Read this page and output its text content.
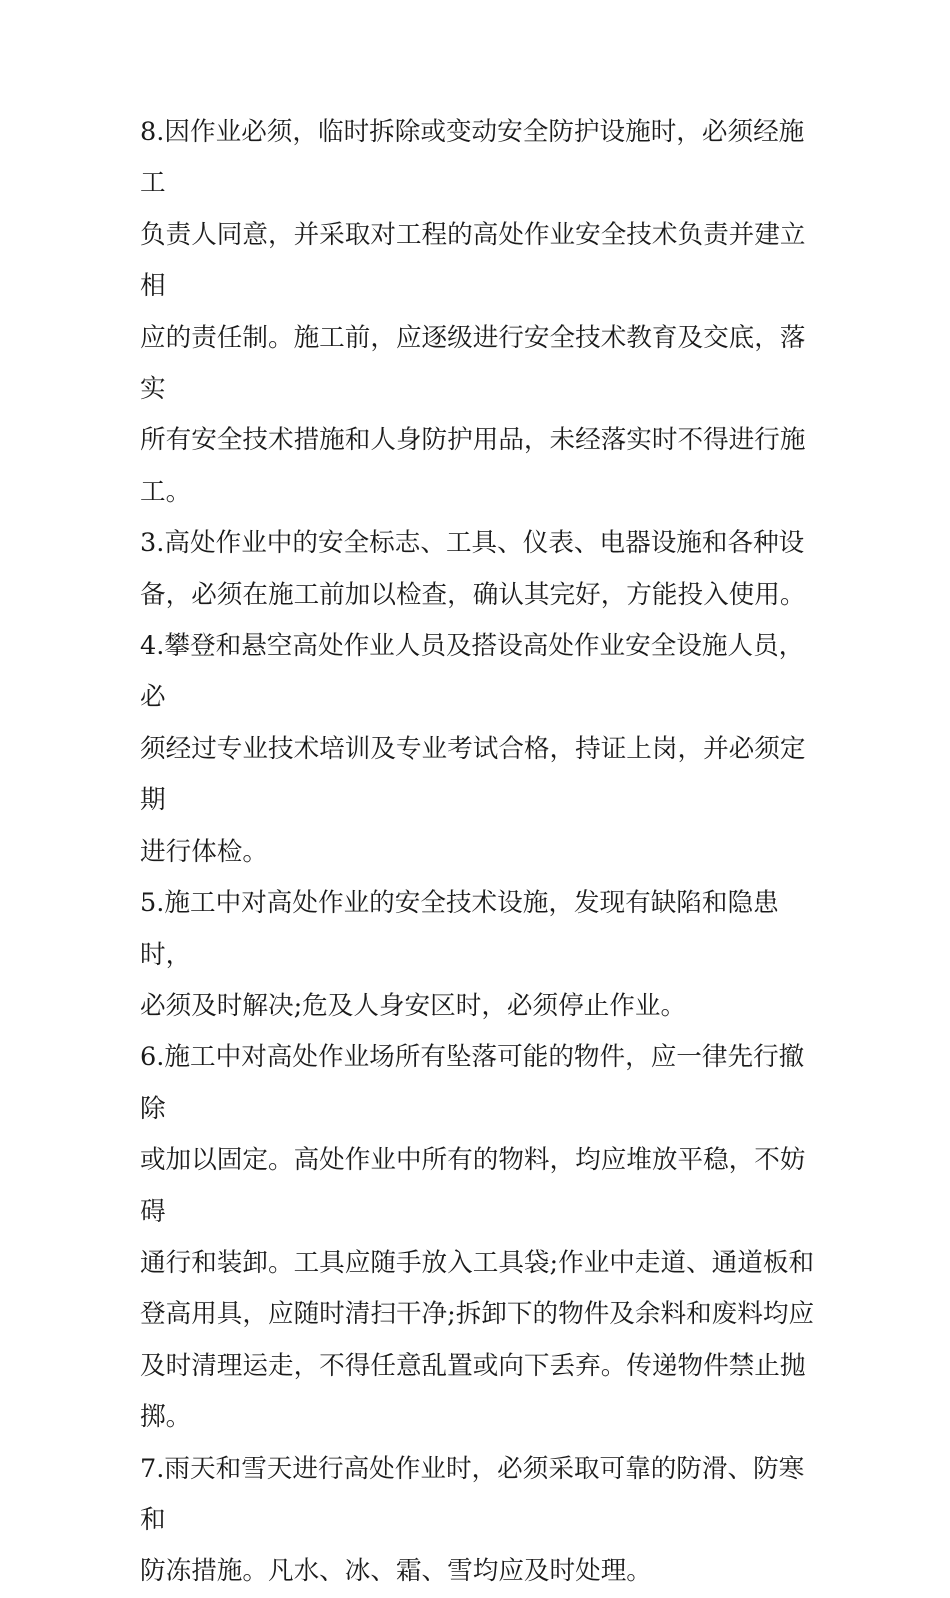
8.因作业必须，临时拆除或变动安全防护设施时，必须经施工
负责人同意，并采取对工程的高处作业安全技术负责并建立相
应的责任制。施工前，应逐级进行安全技术教育及交底，落实
所有安全技术措施和人身防护用品，未经落实时不得进行施
工。

3.高处作业中的安全标志、工具、仪表、电器设施和各种设
备，必须在施工前加以检查，确认其完好，方能投入使用。

4.攀登和悬空高处作业人员及搭设高处作业安全设施人员，必
须经过专业技术培训及专业考试合格，持证上岗，并必须定期
进行体检。

5.施工中对高处作业的安全技术设施，发现有缺陷和隐患时，
必须及时解决;危及人身安区时，必须停止作业。

6.施工中对高处作业场所有坠落可能的物件，应一律先行撤除
或加以固定。高处作业中所有的物料，均应堆放平稳，不妨碍
通行和装卸。工具应随手放入工具袋;作业中走道、通道板和
登高用具，应随时清扫干净;拆卸下的物件及余料和废料均应
及时清理运走，不得任意乱置或向下丢弃。传递物件禁止抛
掷。

7.雨天和雪天进行高处作业时，必须采取可靠的防滑、防寒和
防冻措施。凡水、冰、霜、雪均应及时处理。
